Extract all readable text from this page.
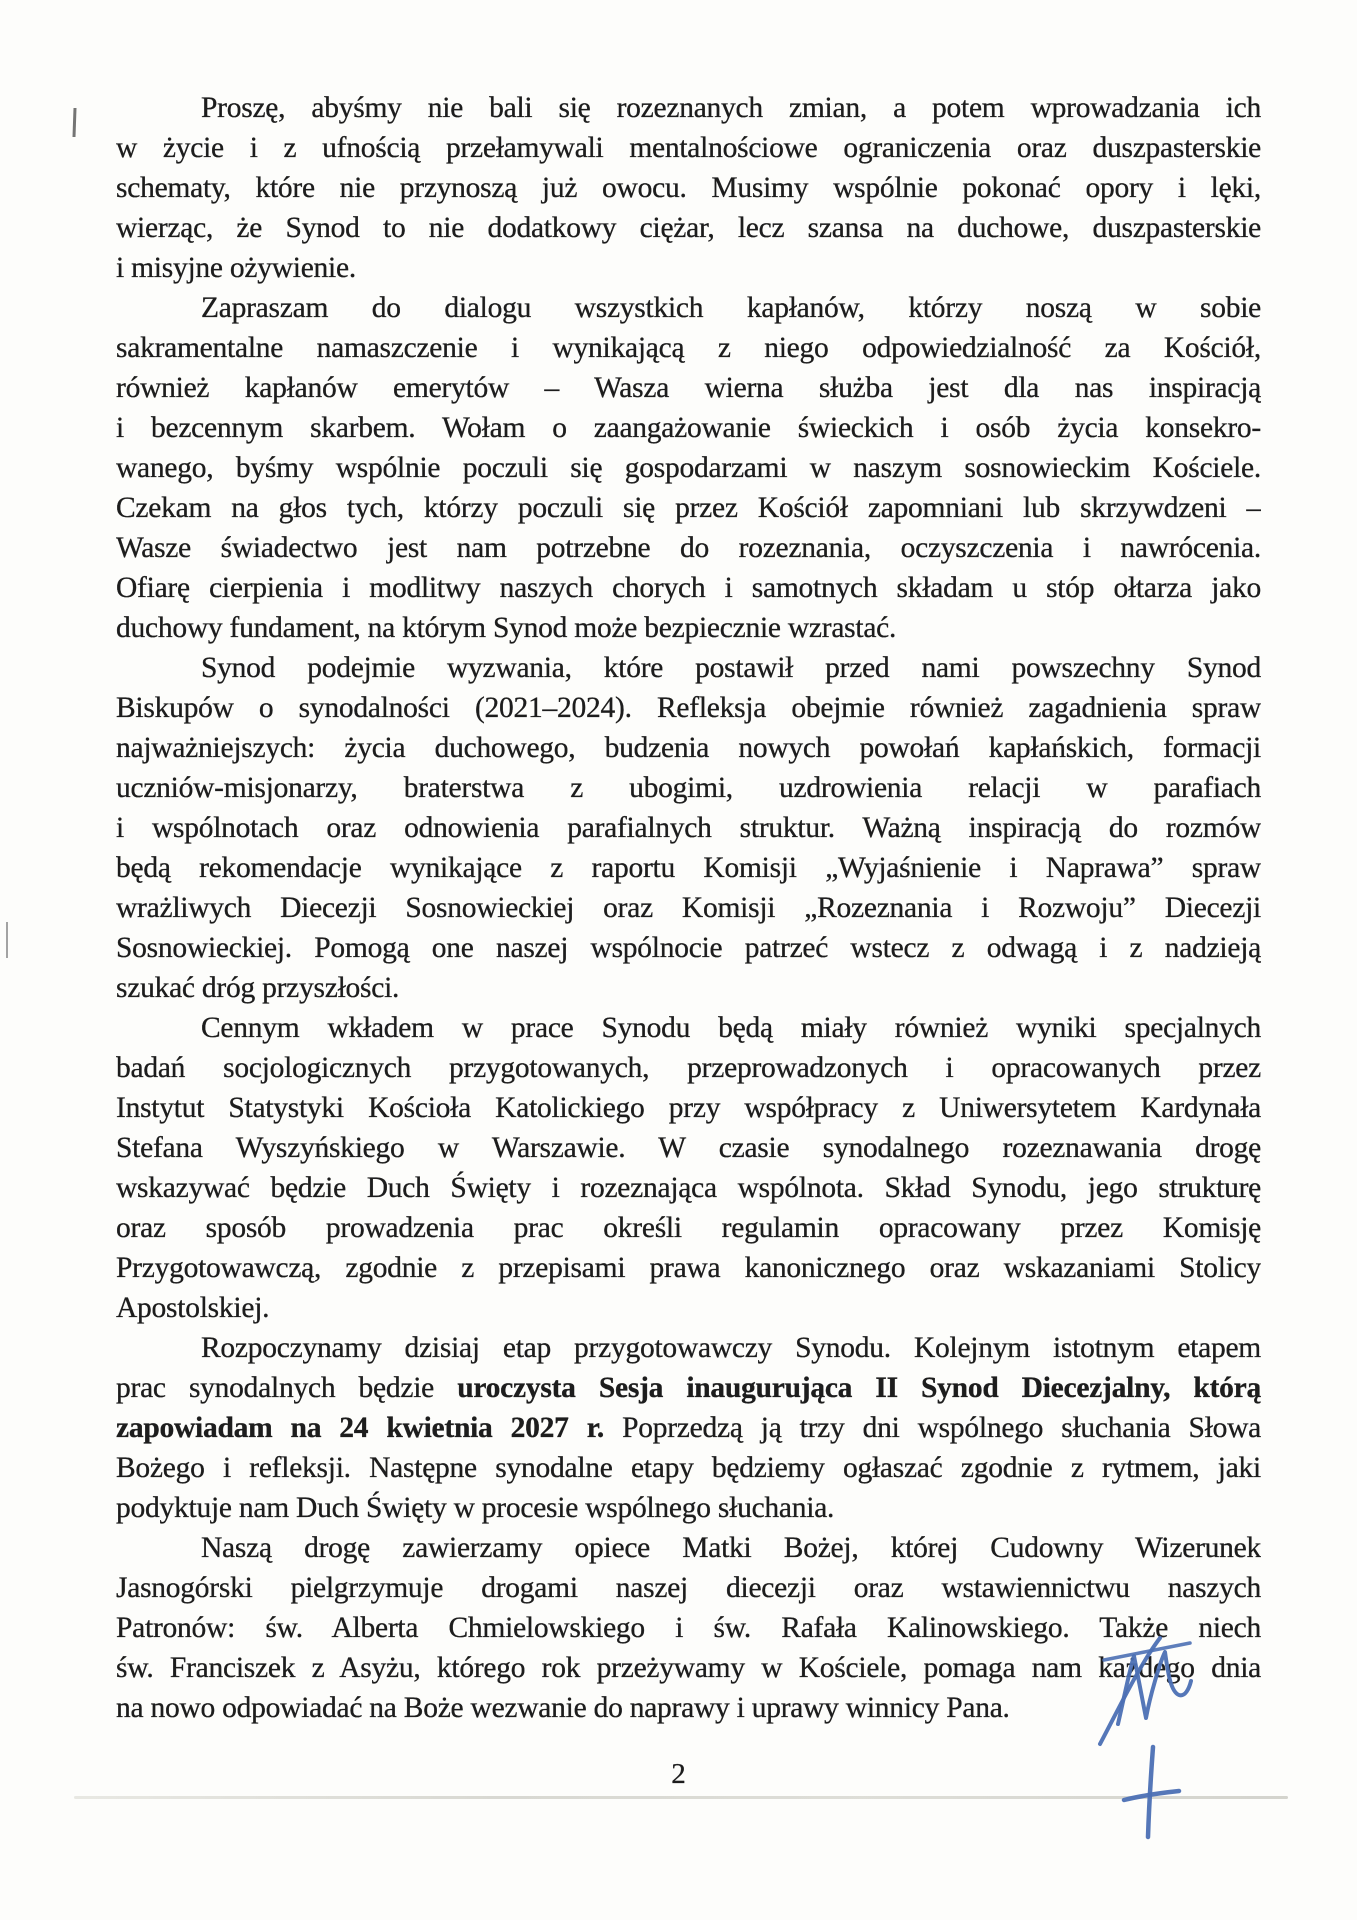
Proszę, abyśmy nie bali się rozeznanych zmian, a potem wprowadzania ich
w życie i z ufnością przełamywali mentalnościowe ograniczenia oraz duszpasterskie
schematy, które nie przynoszą już owocu. Musimy wspólnie pokonać opory i lęki,
wierząc, że Synod to nie dodatkowy ciężar, lecz szansa na duchowe, duszpasterskie
i misyjne ożywienie.
Zapraszam do dialogu wszystkich kapłanów, którzy noszą w sobie
sakramentalne namaszczenie i wynikającą z niego odpowiedzialność za Kościół,
również kapłanów emerytów – Wasza wierna służba jest dla nas inspiracją
i bezcennym skarbem. Wołam o zaangażowanie świeckich i osób życia konsekro-
wanego, byśmy wspólnie poczuli się gospodarzami w naszym sosnowieckim Kościele.
Czekam na głos tych, którzy poczuli się przez Kościół zapomniani lub skrzywdzeni –
Wasze świadectwo jest nam potrzebne do rozeznania, oczyszczenia i nawrócenia.
Ofiarę cierpienia i modlitwy naszych chorych i samotnych składam u stóp ołtarza jako
duchowy fundament, na którym Synod może bezpiecznie wzrastać.
Synod podejmie wyzwania, które postawił przed nami powszechny Synod
Biskupów o synodalności (2021–2024). Refleksja obejmie również zagadnienia spraw
najważniejszych: życia duchowego, budzenia nowych powołań kapłańskich, formacji
uczniów-misjonarzy, braterstwa z ubogimi, uzdrowienia relacji w parafiach
i wspólnotach oraz odnowienia parafialnych struktur. Ważną inspiracją do rozmów
będą rekomendacje wynikające z raportu Komisji „Wyjaśnienie i Naprawa” spraw
wrażliwych Diecezji Sosnowieckiej oraz Komisji „Rozeznania i Rozwoju” Diecezji
Sosnowieckiej. Pomogą one naszej wspólnocie patrzeć wstecz z odwagą i z nadzieją
szukać dróg przyszłości.
Cennym wkładem w prace Synodu będą miały również wyniki specjalnych
badań socjologicznych przygotowanych, przeprowadzonych i opracowanych przez
Instytut Statystyki Kościoła Katolickiego przy współpracy z Uniwersytetem Kardynała
Stefana Wyszyńskiego w Warszawie. W czasie synodalnego rozeznawania drogę
wskazywać będzie Duch Święty i rozeznająca wspólnota. Skład Synodu, jego strukturę
oraz sposób prowadzenia prac określi regulamin opracowany przez Komisję
Przygotowawczą, zgodnie z przepisami prawa kanonicznego oraz wskazaniami Stolicy
Apostolskiej.
Rozpoczynamy dzisiaj etap przygotowawczy Synodu. Kolejnym istotnym etapem
prac synodalnych będzie uroczysta Sesja inaugurująca II Synod Diecezjalny, którą
zapowiadam na 24 kwietnia 2027 r. Poprzedzą ją trzy dni wspólnego słuchania Słowa
Bożego i refleksji. Następne synodalne etapy będziemy ogłaszać zgodnie z rytmem, jaki
podyktuje nam Duch Święty w procesie wspólnego słuchania.
Naszą drogę zawierzamy opiece Matki Bożej, której Cudowny Wizerunek
Jasnogórski pielgrzymuje drogami naszej diecezji oraz wstawiennictwu naszych
Patronów: św. Alberta Chmielowskiego i św. Rafała Kalinowskiego. Także niech
św. Franciszek z Asyżu, którego rok przeżywamy w Kościele, pomaga nam każdego dnia
na nowo odpowiadać na Boże wezwanie do naprawy i uprawy winnicy Pana.
2
